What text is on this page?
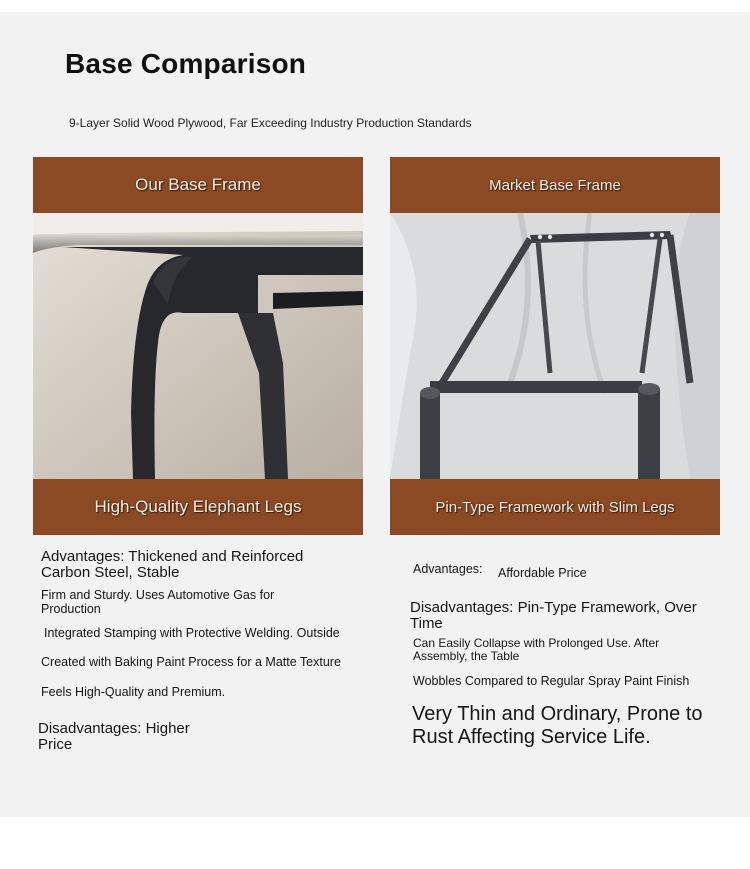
Base Comparison
9-Layer Solid Wood Plywood, Far Exceeding Industry Production Standards
Our Base Frame
High-Quality Elephant Legs
Market Base Frame
Pin-Type Framework with Slim Legs
Advantages: Thickened and Reinforced Carbon Steel, Stable
Firm and Sturdy. Uses Automotive Gas for Production
Integrated Stamping with Protective Welding. Outside
Created with Baking Paint Process for a Matte Texture
Feels High-Quality and Premium.
Disadvantages: Higher Price
Advantages: Affordable Price
Disadvantages: Pin-Type Framework, Over Time
Can Easily Collapse with Prolonged Use. After Assembly, the Table
Wobbles Compared to Regular Spray Paint Finish
Very Thin and Ordinary, Prone to Rust Affecting Service Life.
